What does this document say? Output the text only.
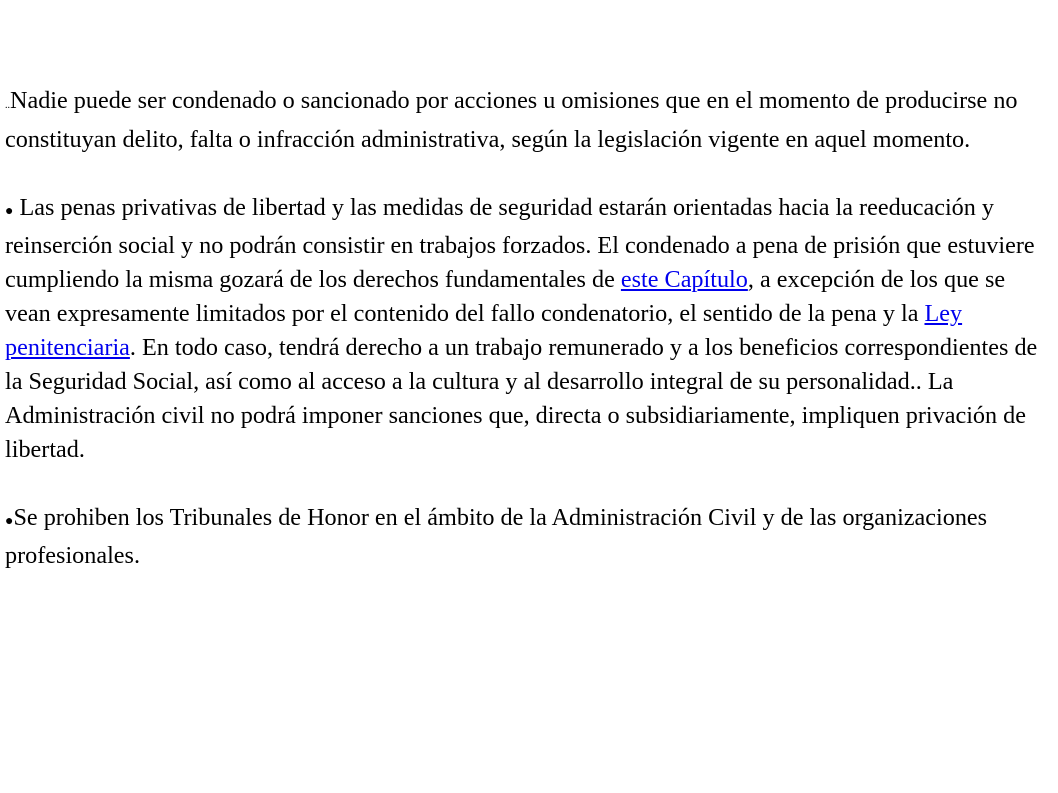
..Nadie puede ser condenado o sancionado por acciones u omisiones que en el momento de producirse no constituyan delito, falta o infracción administrativa, según la legislación vigente en aquel momento.

● Las penas privativas de libertad y las medidas de seguridad estarán orientadas hacia la reeducación y reinserción social y no podrán consistir en trabajos forzados. El condenado a pena de prisión que estuviere cumpliendo la misma gozará de los derechos fundamentales de este Capítulo, a excepción de los que se vean expresamente limitados por el contenido del fallo condenatorio, el sentido de la pena y la Ley penitenciaria. En todo caso, tendrá derecho a un trabajo remunerado y a los beneficios correspondientes de la Seguridad Social, así como al acceso a la cultura y al desarrollo integral de su personalidad.. La Administración civil no podrá imponer sanciones que, directa o subsidiariamente, impliquen privación de libertad.

●Se prohiben los Tribunales de Honor en el ámbito de la Administración Civil y de las organizaciones profesionales.
